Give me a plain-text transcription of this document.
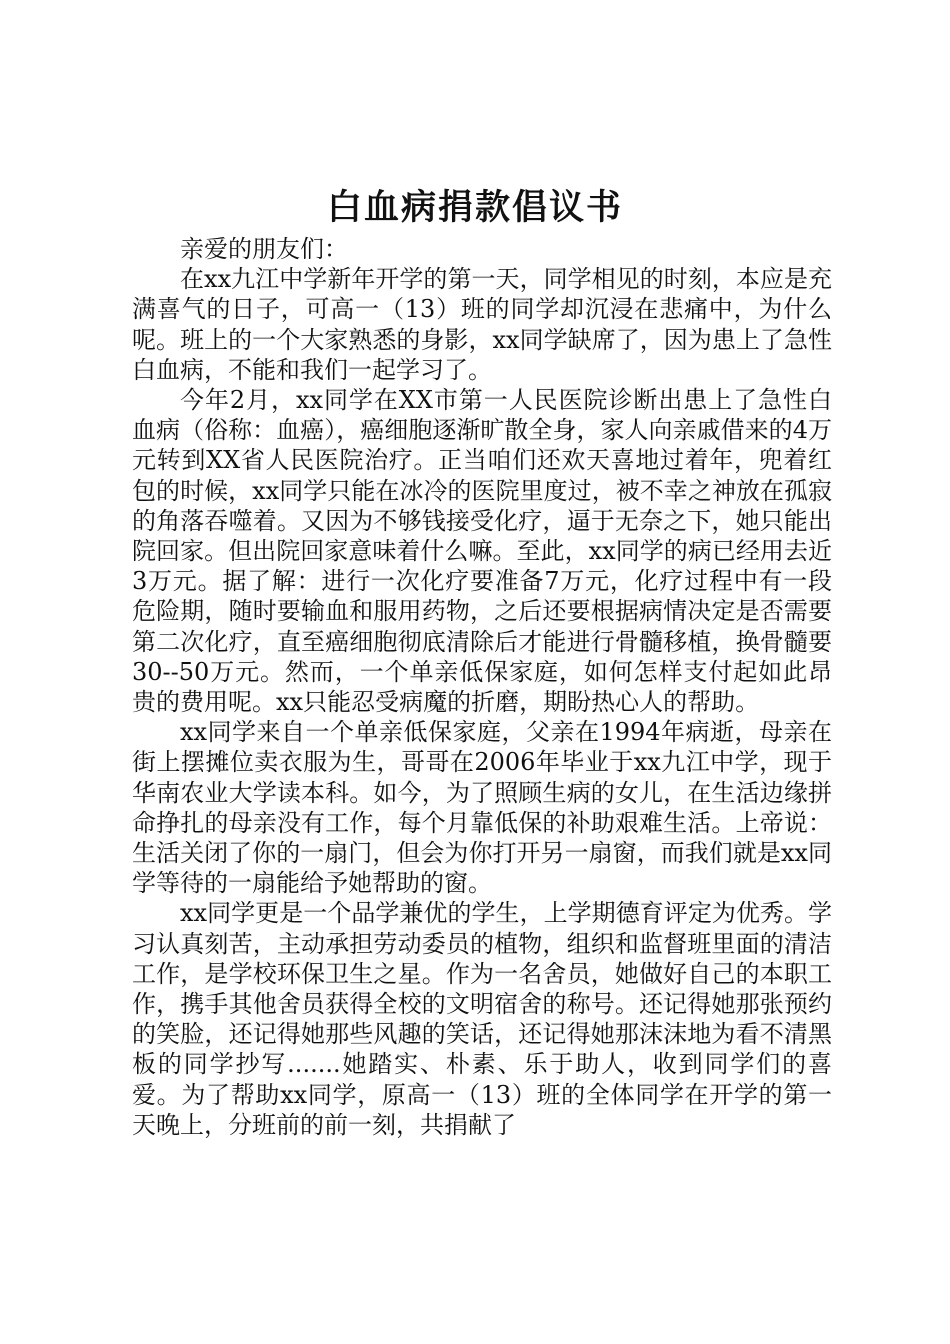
白血病捐款倡议书

亲爱的朋友们：

在xx九江中学新年开学的第一天，同学相见的时刻，本应是充满喜气的日子，可高一（13）班的同学却沉浸在悲痛中，为什么呢。班上的一个大家熟悉的身影，xx同学缺席了，因为患上了急性白血病，不能和我们一起学习了。

今年2月，xx同学在XX市第一人民医院诊断出患上了急性白血病（俗称：血癌），癌细胞逐渐旷散全身，家人向亲戚借来的4万元转到XX省人民医院治疗。正当咱们还欢天喜地过着年，兜着红包的时候，xx同学只能在冰冷的医院里度过，被不幸之神放在孤寂的角落吞噬着。又因为不够钱接受化疗，逼于无奈之下，她只能出院回家。但出院回家意味着什么嘛。至此，xx同学的病已经用去近3万元。据了解：进行一次化疗要准备7万元，化疗过程中有一段危险期，随时要输血和服用药物，之后还要根据病情决定是否需要第二次化疗，直至癌细胞彻底清除后才能进行骨髓移植，换骨髓要30--50万元。然而，一个单亲低保家庭，如何怎样支付起如此昂贵的费用呢。xx只能忍受病魔的折磨，期盼热心人的帮助。

xx同学来自一个单亲低保家庭，父亲在1994年病逝，母亲在街上摆摊位卖衣服为生，哥哥在2006年毕业于xx九江中学，现于华南农业大学读本科。如今，为了照顾生病的女儿，在生活边缘拼命挣扎的母亲没有工作，每个月靠低保的补助艰难生活。上帝说：生活关闭了你的一扇门，但会为你打开另一扇窗，而我们就是xx同学等待的一扇能给予她帮助的窗。

xx同学更是一个品学兼优的学生，上学期德育评定为优秀。学习认真刻苦，主动承担劳动委员的植物，组织和监督班里面的清洁工作，是学校环保卫生之星。作为一名舍员，她做好自己的本职工作，携手其他舍员获得全校的文明宿舍的称号。还记得她那张预约的笑脸，还记得她那些风趣的笑话，还记得她那沫沫地为看不清黑板的同学抄写.......她踏实、朴素、乐于助人，收到同学们的喜爱。为了帮助xx同学，原高一（13）班的全体同学在开学的第一天晚上，分班前的前一刻，共捐献了
